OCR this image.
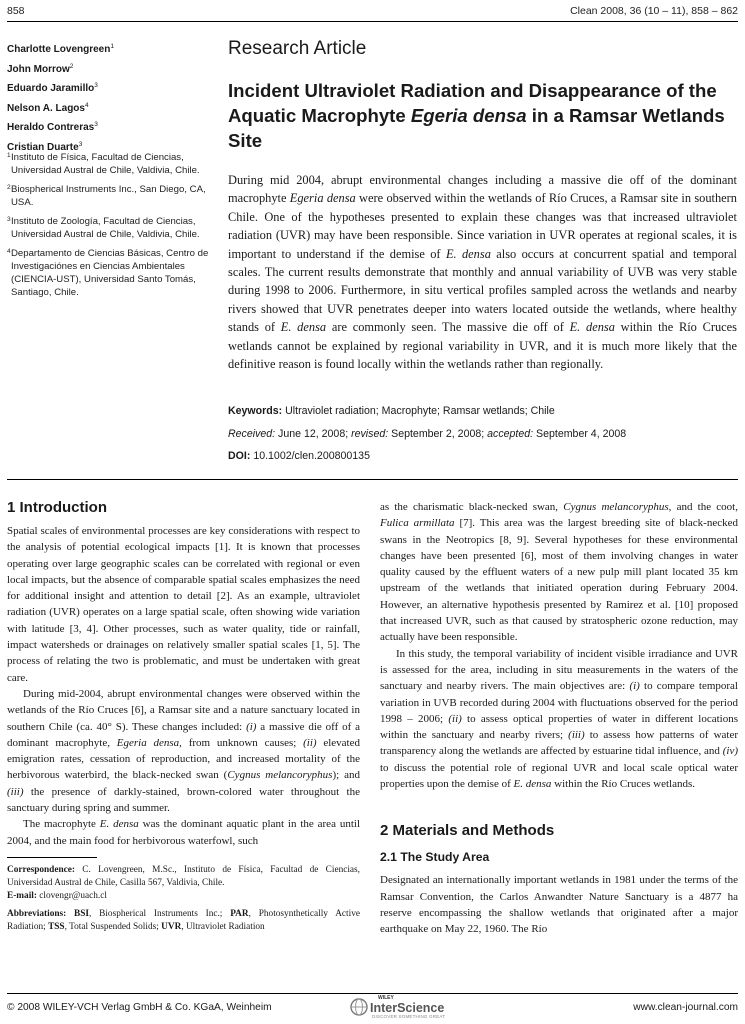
858	Clean 2008, 36 (10 – 11), 858 – 862
Charlotte Lovengreen$^1$
John Morrow$^2$
Eduardo Jaramillo$^3$
Nelson A. Lagos$^4$
Heraldo Contreras$^3$
Cristian Duarte$^3$
1 Instituto de Física, Facultad de Ciencias, Universidad Austral de Chile, Valdivia, Chile.
2 Biospherical Instruments Inc., San Diego, CA, USA.
3 Instituto de Zoología, Facultad de Ciencias, Universidad Austral de Chile, Valdivia, Chile.
4 Departamento de Ciencias Básicas, Centro de Investigaciónes en Ciencias Ambientales (CIENCIA-UST), Universidad Santo Tomás, Santiago, Chile.
Research Article
Incident Ultraviolet Radiation and Disappearance of the Aquatic Macrophyte Egeria densa in a Ramsar Wetlands Site
During mid 2004, abrupt environmental changes including a massive die off of the dominant macrophyte Egeria densa were observed within the wetlands of Río Cruces, a Ramsar site in southern Chile. One of the hypotheses presented to explain these changes was that increased ultraviolet radiation (UVR) may have been responsible. Since variation in UVR operates at regional scales, it is important to understand if the demise of E. densa also occurs at concurrent spatial and temporal scales. The current results demonstrate that monthly and annual variability of UVB was very stable during 1998 to 2006. Furthermore, in situ vertical profiles sampled across the wetlands and nearby rivers showed that UVR penetrates deeper into waters located outside the wetlands, where healthy stands of E. densa are commonly seen. The massive die off of E. densa within the Río Cruces wetlands cannot be explained by regional variability in UVR, and it is much more likely that the definitive reason is found locally within the wetlands rather than regionally.
Keywords: Ultraviolet radiation; Macrophyte; Ramsar wetlands; Chile
Received: June 12, 2008; revised: September 2, 2008; accepted: September 4, 2008
DOI: 10.1002/clen.200800135
1 Introduction

Spatial scales of environmental processes are key considerations with respect to the analysis of potential ecological impacts [1]. It is known that processes operating over large geographic scales can be correlated with regional or even local impacts, but the absence of comparable spatial scales emphasizes the need for additional insight and attention to detail [2]. As an example, ultraviolet radiation (UVR) operates on a large spatial scale, often showing wide variation with latitude [3, 4]. Other processes, such as water quality, tide or rainfall, impact watersheds or drainages on relatively smaller spatial scales [1, 5]. The process of relating the two is problematic, and must be undertaken with great care.

During mid-2004, abrupt environmental changes were observed within the wetlands of the Río Cruces [6], a Ramsar site and a nature sanctuary located in southern Chile (ca. 40° S). These changes included: (i) a massive die off of a dominant macrophyte, Egeria densa, from unknown causes; (ii) elevated emigration rates, cessation of reproduction, and increased mortality of the herbivorous waterbird, the black-necked swan (Cygnus melancoryphus); and (iii) the presence of darkly-stained, brown-colored water throughout the sanctuary during spring and summer.

The macrophyte E. densa was the dominant aquatic plant in the area until 2004, and the main food for herbivorous waterfowl, such

Correspondence: C. Lovengreen, M.Sc., Instituto de Física, Facultad de Ciencias, Universidad Austral de Chile, Casilla 567, Valdivia, Chile.
E-mail: clovengr@uach.cl
Abbreviations: BSI, Biospherical Instruments Inc.; PAR, Photosynthetically Active Radiation; TSS, Total Suspended Solids; UVR, Ultraviolet Radiation

as the charismatic black-necked swan, Cygnus melancoryphus, and the coot, Fulica armillata [7]. This area was the largest breeding site of black-necked swans in the Neotropics [8, 9]. Several hypotheses for these environmental changes have been presented [6], most of them involving changes in water quality caused by the effluent waters of a new pulp mill plant located 35 km upstream of the wetlands that initiated operation during February 2004. However, an alternative hypothesis presented by Ramirez et al. [10] proposed that increased UVR, such as that caused by stratospheric ozone reduction, may actually have been responsible.

In this study, the temporal variability of incident visible irradiance and UVR is assessed for the area, including in situ measurements in the waters of the sanctuary and nearby rivers. The main objectives are: (i) to compare temporal variation in UVB recorded during 2004 with fluctuations observed for the period 1998 – 2006; (ii) to assess optical properties of water in different locations within the sanctuary and nearby rivers; (iii) to assess how patterns of water transparency along the wetlands are affected by estuarine tidal influence, and (iv) to discuss the potential role of regional UVR and local scale optical water properties upon the demise of E. densa within the Río Cruces wetlands.

2 Materials and Methods
2.1 The Study Area

Designated an internationally important wetlands in 1981 under the terms of the Ramsar Convention, the Carlos Anwandter Nature Sanctuary is a 4877 ha reserve encompassing the shallow wetlands that originated after a major earthquake on May 22, 1960. The Río

© 2008 WILEY-VCH Verlag GmbH & Co. KGaA, Weinheim
WILEY
InterScience
DISCOVER SOMETHING GREAT
www.clean-journal.com
